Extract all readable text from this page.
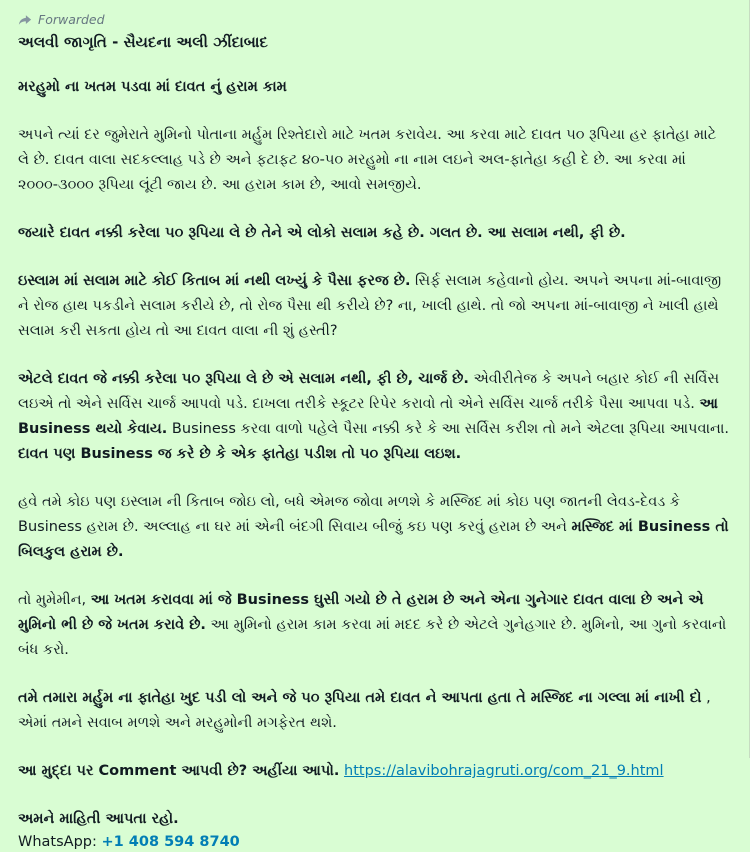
Forwarded
અલવી જાગૃતિ - સૈયદના અલી ઝીંદાબાદ
મરહુમો ના ખતમ પડવા માં દાવત નું હરામ કામ
અપને ત્યાં દર જુમેરાતે મુમિનો પોતાના મર્હુમ રિશ્તેદારો માટે ખતમ કરાવેય. આ કરવા માટે દાવત ૫૦ રૂપિયા હર ફાતેહા માટે લે છે. દાવત વાલા સદકલ્લાહ પડે છે અને ફટાફટ ૪૦-૫૦ મરહુમો ના નામ લઇને અલ-ફાતેહા કહી દે છે. આ કરવા માં ૨૦૦૦-૩૦૦૦ રૂપિયા લૂંટી જાય છે. આ હરામ કામ છે, આવો સમજીયે.
જયારે દાવત નક્કી કરેલા ૫૦ રૂપિયા લે છે તેને એ લોકો સલામ કહે છે. ગલત છે. આ સલામ નથી, ફી છે.
ઇસ્લામ માં સલામ માટે કોઈ કિતાબ માં નથી લખ્યું કે પૈસા ફરજ છે. સિર્ફ સલામ કહેવાનો હોય. અપને અપના માં-બાવાજી ને રોજ હાથ પકડીને સલામ કરીયે છે, તો રોજ પૈસા થી કરીયે છે? ના, ખાલી હાથે. તો જો અપના માં-બાવાજી ને ખાલી હાથે સલામ કરી સકતા હોય તો આ દાવત વાલા ની શું હસ્તી?
એટલે દાવત જે નક્કી કરેલા ૫૦ રૂપિયા લે છે એ સલામ નથી, ફી છે, ચાર્જ છે. એવીરીતેજ કે અપને બહાર કોઈ ની સર્વિસ લઇએ તો એને સર્વિસ ચાર્જ આપવો પડે. દાખલા તરીકે સ્કૂટર રિપેર કરાવો તો એને સર્વિસ ચાર્જ તરીકે પૈસા આપવા પડે. આ Business થયો કેવાય. Business કરવા વાળો પહેલે પૈસા નક્કી કરે કે આ સર્વિસ કરીશ તો મને એટલા રૂપિયા આપવાના. દાવત પણ Business જ કરે છે કે એક ફાતેહા પડીશ તો ૫૦ રૂપિયા લઇશ.
હવે તમે કોઇ પણ ઇસ્લામ ની કિતાબ જોઇ લો, બધે એમજ જોવા મળશે કે મસ્જિદ માં કોઇ પણ જાતની લેવડ-દેવડ કે Business હરામ છે. અલ્લાહ ના ઘર માં એની બંદગી સિવાય બીજું કઇ પણ કરવું હરામ છે અને મસ્જિદ માં Business તો બિલકુલ હરામ છે.
તો મુમેમીન, આ ખતમ કરાવવા માં જે Business ઘુસી ગયો છે તે હરામ છે અને એના ગુનેગાર દાવત વાલા છે અને એ મુમિનો ભી છે જે ખતમ કરાવે છે. આ મુમિનો હરામ કામ કરવા માં મદદ કરે છે એટલે ગુનેહગાર છે. મુમિનો, આ ગુનો કરવાનો બંધ કરો.
તમે તમારા મર્હુમ ના ફાતેહા ખુદ પડી લો અને જે ૫૦ રૂપિયા તમે દાવત ને આપતા હતા તે મસ્જિદ ના ગલ્લા માં નાખી દો , એમાં તમને સવાબ મળશે અને મરહુમોની મગફેરત થશે.
આ મુદ્દા પર Comment આપવી છે? અહીંયા આપો. https://alavibohrajagruti.org/com_21_9.html
અમને માહિતી આપતા રહો.
WhatsApp: +1 408 594 8740
